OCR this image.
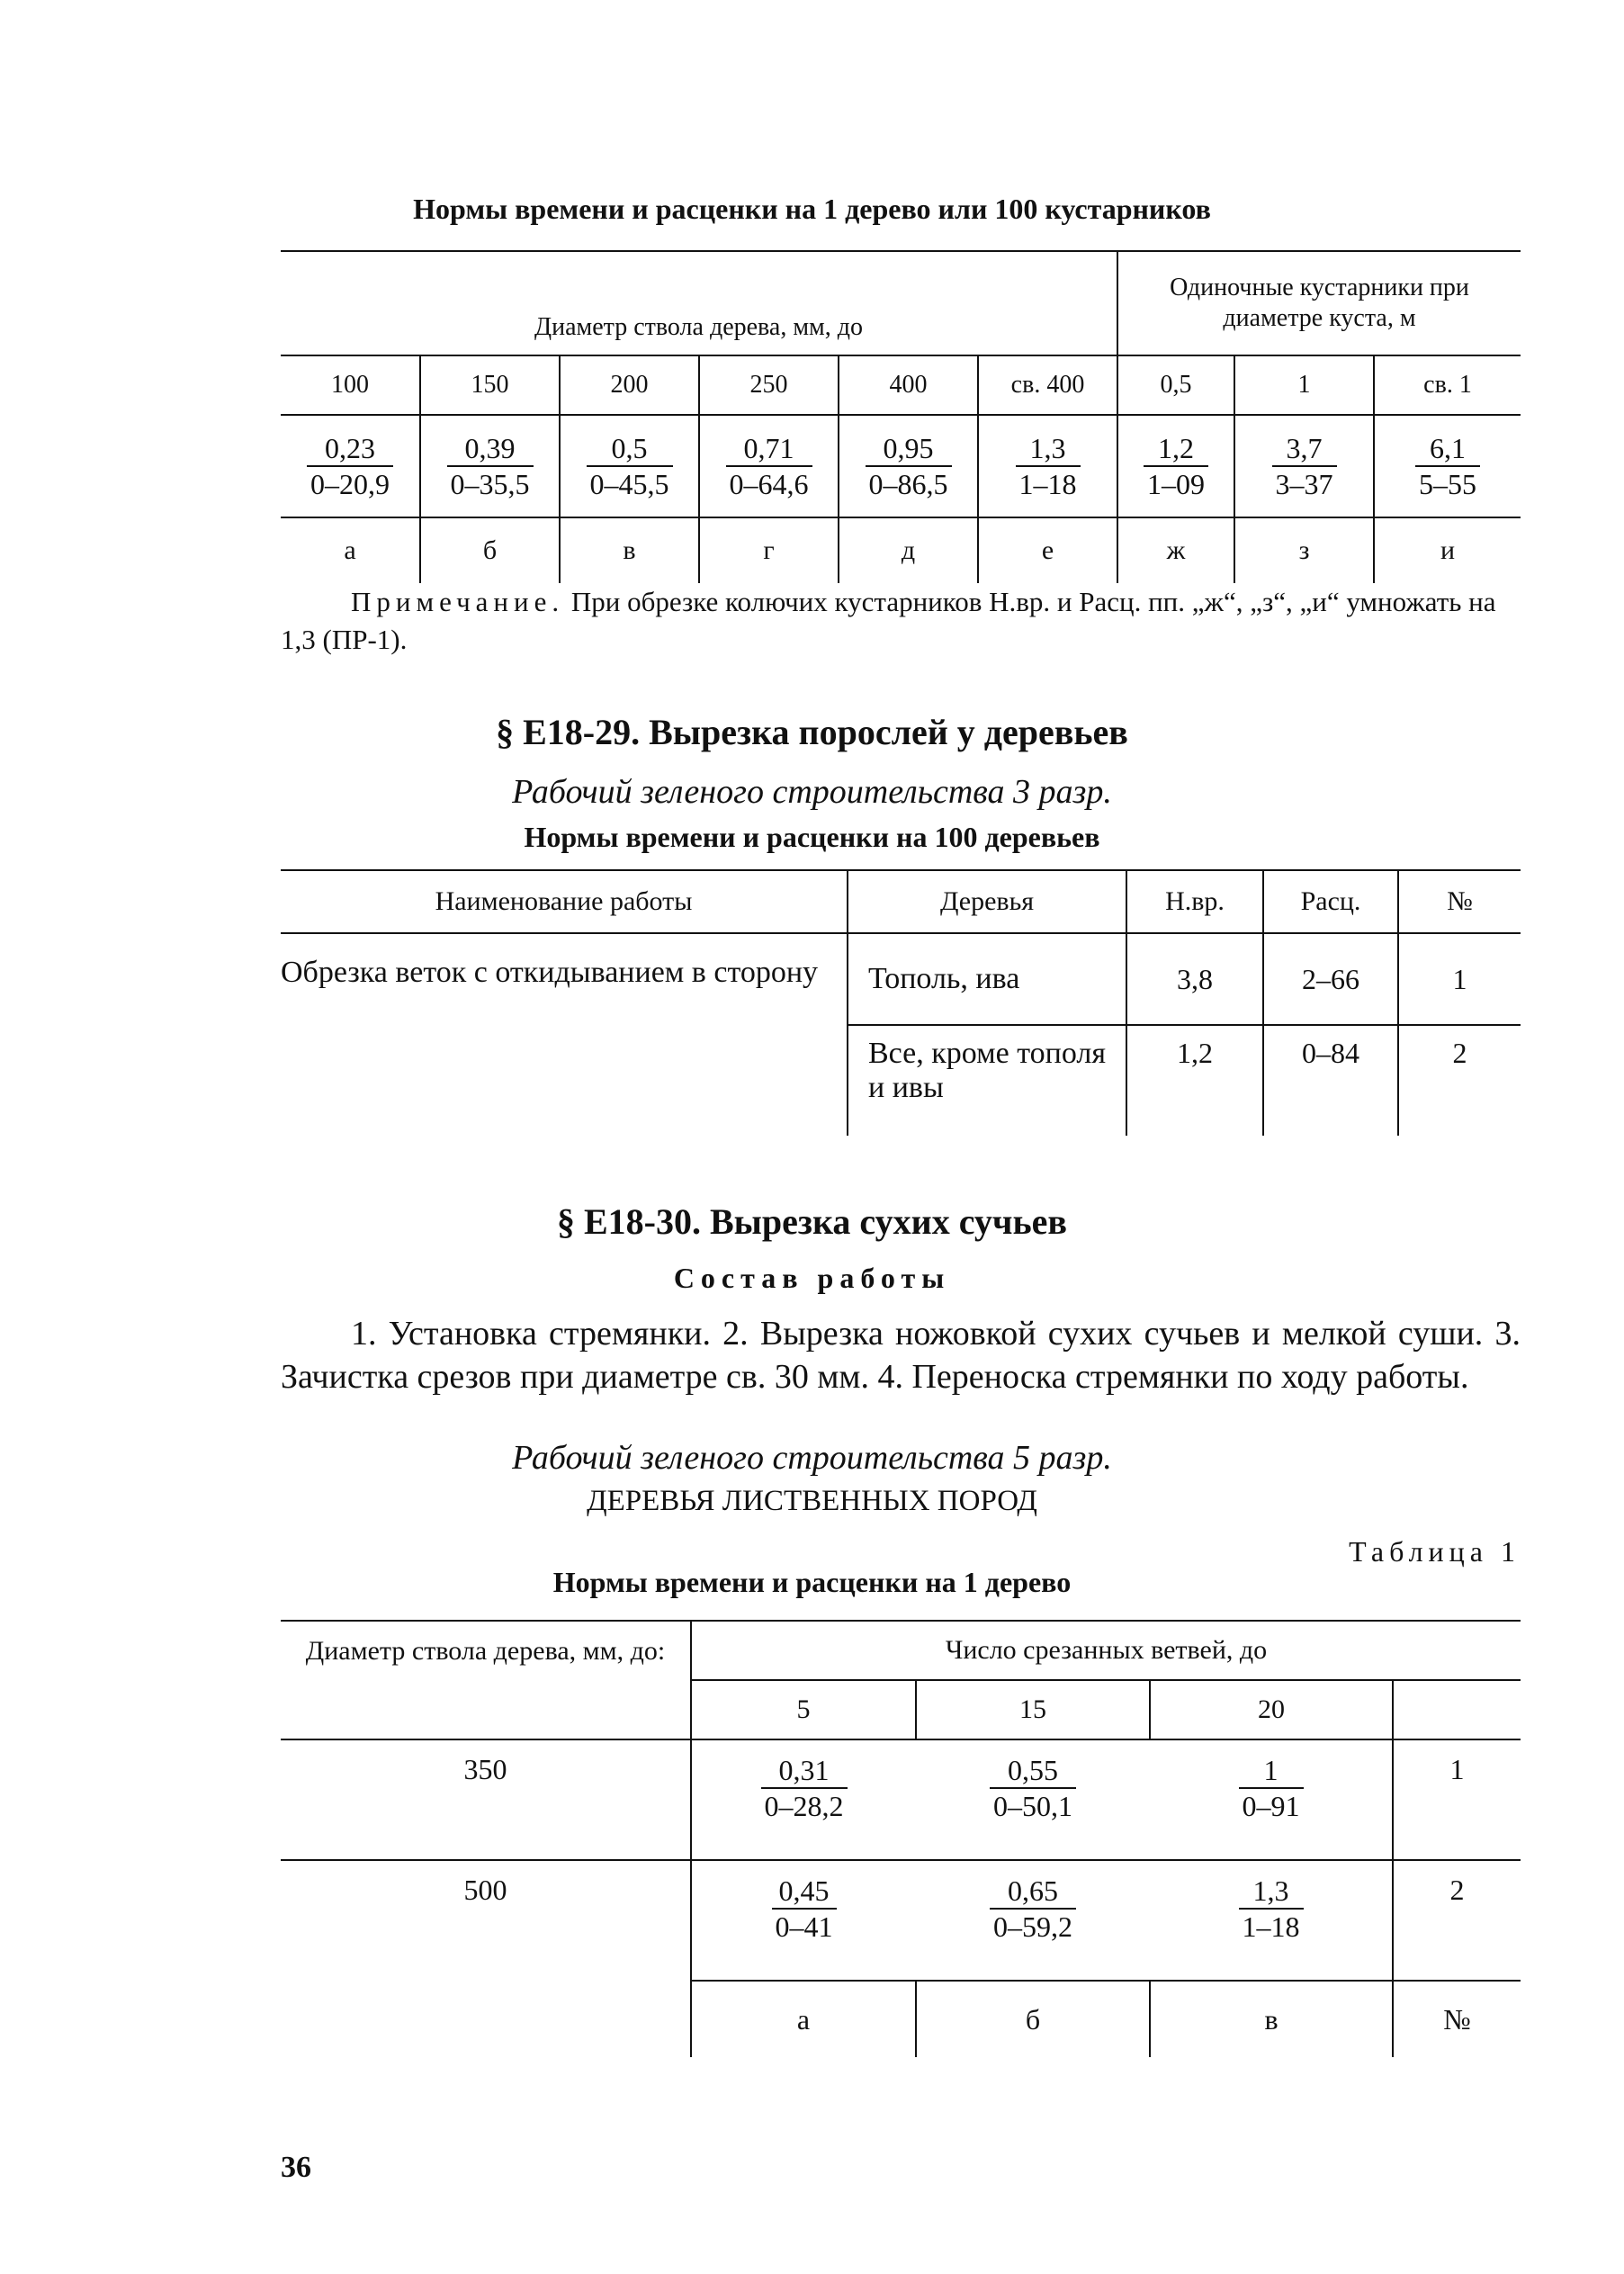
Нормы времени и расценки на 1 дерево или 100 кустарников
Диаметр ствола дерева, мм, до						Одиночные кустарники при диаметре куста, м		
100	150	200	250	400	св. 400	0,5	1	св. 1

$\frac{0,23}{0-20,9}$	$\frac{0,39}{0-35,5}$	$\frac{0,5}{0-45,5}$	$\frac{0,71}{0-64,6}$	$\frac{0,95}{0-86,5}$	$\frac{1,3}{1-18}$	$\frac{1,2}{1-09}$	$\frac{3,7}{3-37}$	$\frac{6,1}{5-55}$

а	б	в	г	д	е	ж	з	и
Примечание. При обрезке колючих кустарников Н.вр. и Расц. пп. „ж“, „з“, „и“ умножать на 1,3 (ПР-1).
§ Е18-29. Вырезка порослей у деревьев
Рабочий зеленого строительства 3 разр.
Нормы времени и расценки на 100 деревьев
Наименование работы	Деревья	Н.вр.	Расц.	№
Обрезка веток с откидыванием в сторону	Тополь, ива	3,8	2–66	1
	Все, кроме тополя и ивы	1,2	0–84	2
§ Е18-30. Вырезка сухих сучьев
Состав работы
1. Установка стремянки. 2. Вырезка ножовкой сухих сучьев и мелкой суши. 3. Зачистка срезов при диаметре св. 30 мм. 4. Переноска стремянки по ходу работы.
Рабочий зеленого строительства 5 разр.
ДЕРЕВЬЯ ЛИСТВЕННЫХ ПОРОД
Таблица 1
Нормы времени и расценки на 1 дерево
Диаметр ствола дерева, мм, до:	Число срезанных ветвей, до			
	5	15	20	
350	$\frac{0,31}{0-28,2}$	$\frac{0,55}{0-50,1}$	$\frac{1}{0-91}$	1
500	$\frac{0,45}{0-41}$	$\frac{0,65}{0-59,2}$	$\frac{1,3}{1-18}$	2
	а	б	в	№
36
